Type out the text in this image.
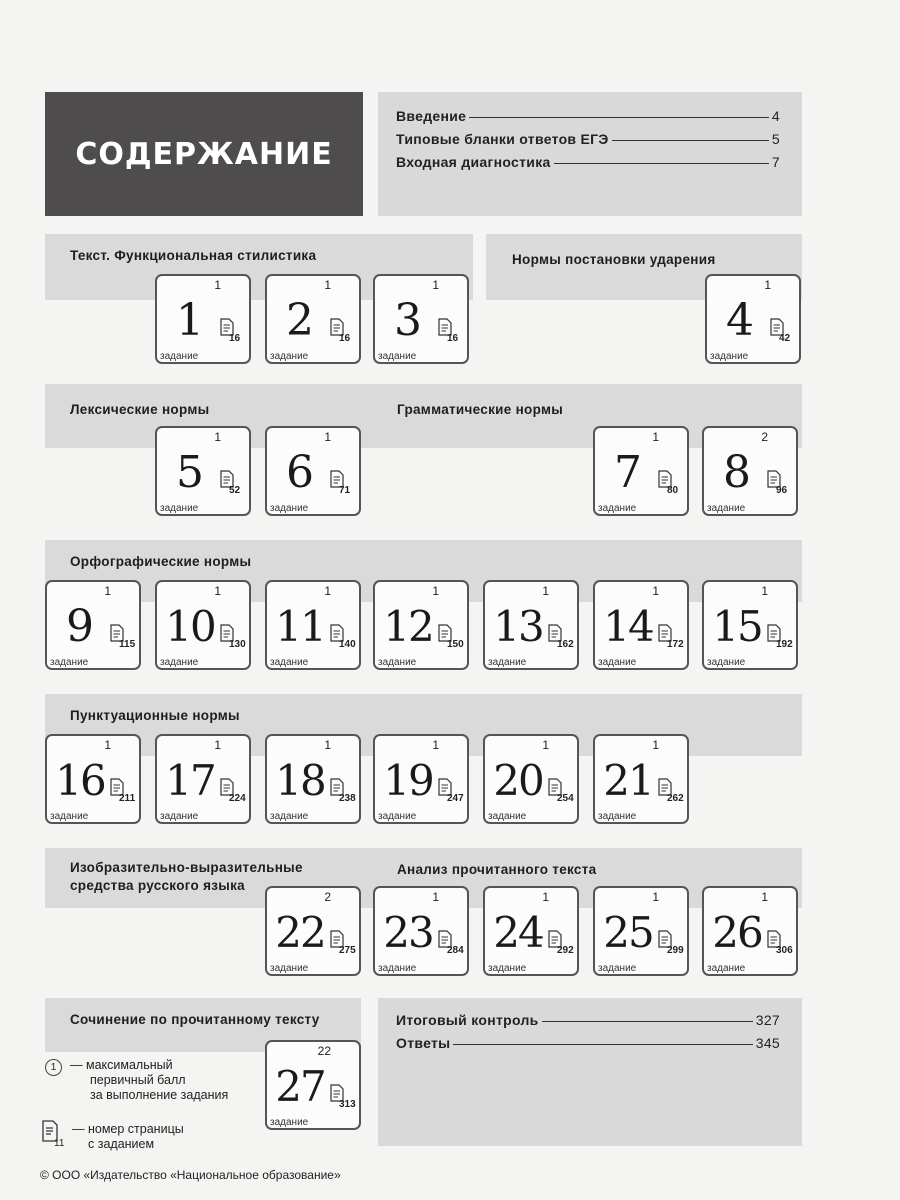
СОДЕРЖАНИЕ
Введение	4
Типовые бланки ответов ЕГЭ	5
Входная диагностика	7
Текст. Функциональная стилистика	Нормы постановки ударения
Лексические нормы	Грамматические нормы
Орфографические нормы
Пунктуационные нормы
Изобразительно-выразительные
средства русского языка
Анализ прочитанного текста
Сочинение по прочитанному тексту
1
1	16
задание
1
2	16
задание
1
3	16
задание
1
4	42
задание
1
5	52
задание
1
6	71
задание
1
7	80
задание
2
8	96
задание
1
9	115
задание
1
10	130
задание
1
11	140
задание
1
12	150
задание
1
13	162
задание
1
14	172
задание
1
15	192
задание
1
16	211
задание
1
17	224
задание
1
18	238
задание
1
19	247
задание
1
20	254
задание
1
21	262
задание
2
22	275
задание
1
23	284
задание
1
24	292
задание
1
25	299
задание
1
26	306
задание
22
27	313
задание
Итоговый контроль	327
Ответы	345
1	— максимальный
первичный балл
за выполнение задания
11
— номер страницы
с заданием
© ООО «Издательство «Национальное образование»
